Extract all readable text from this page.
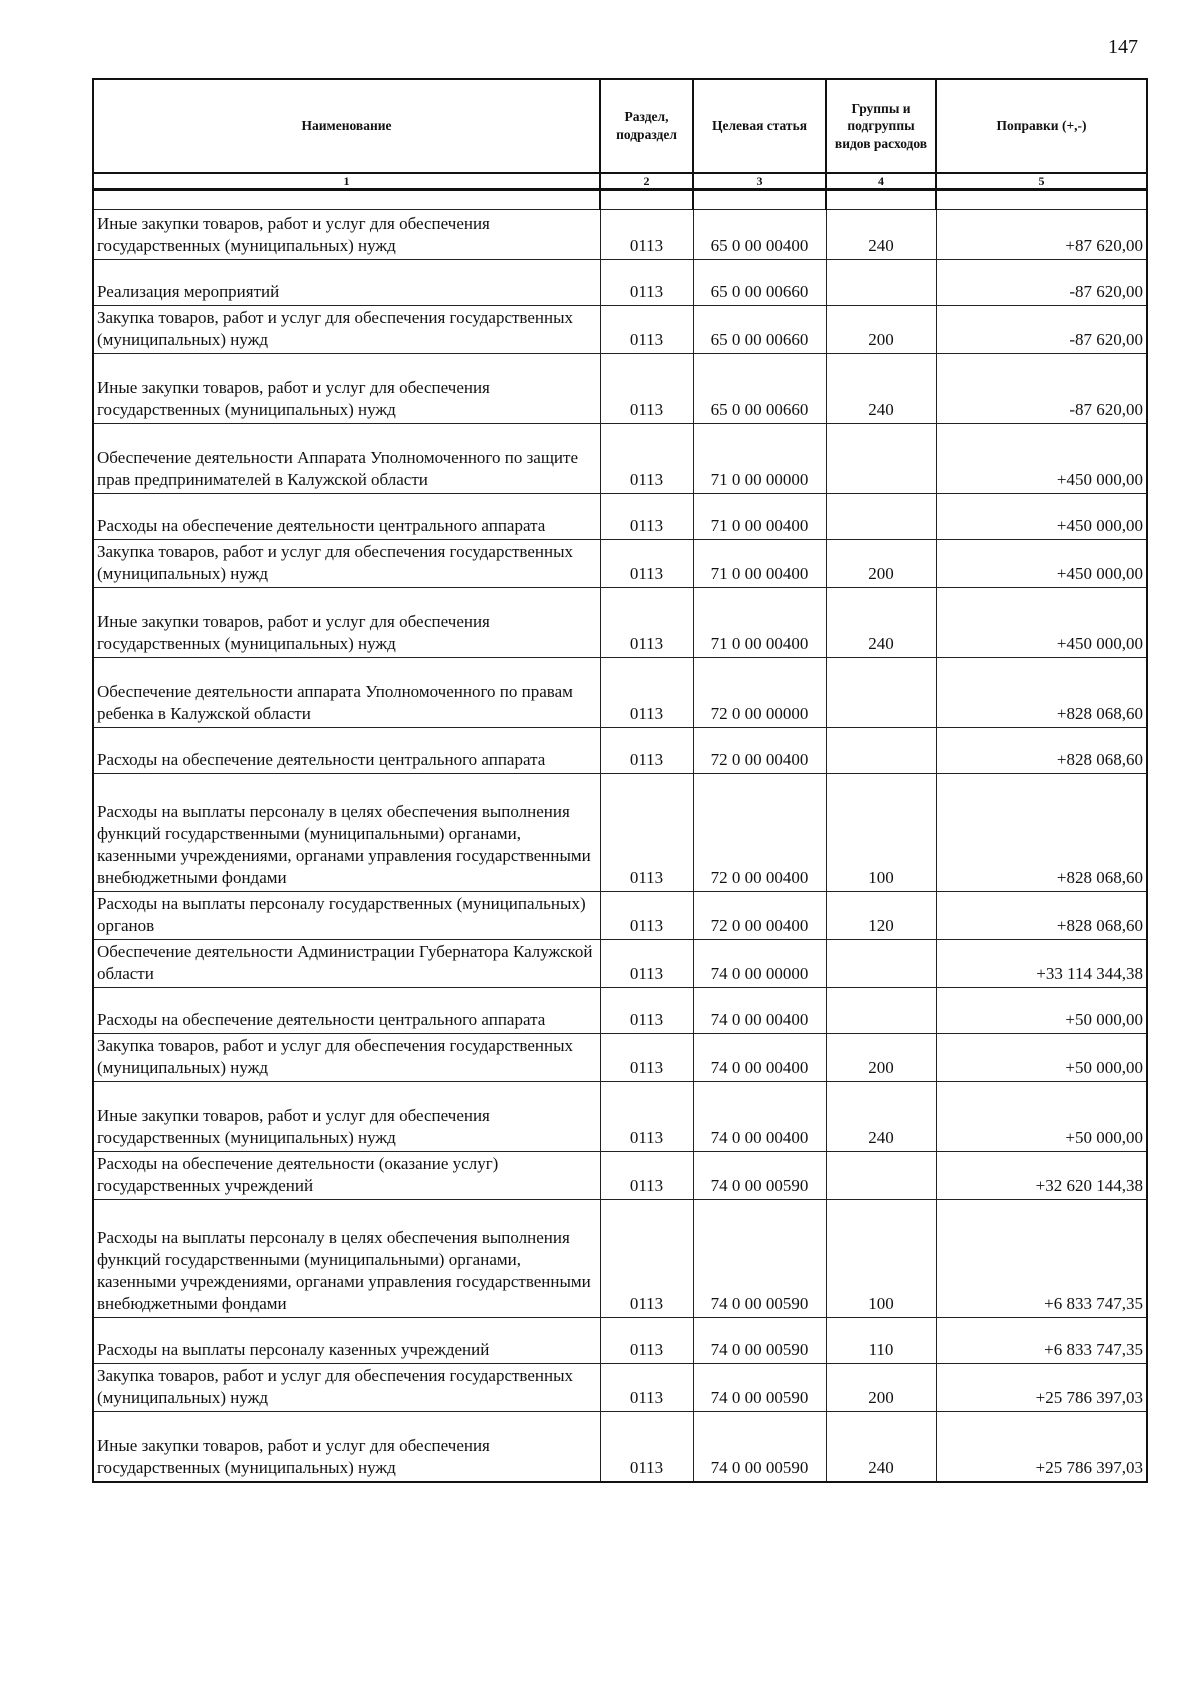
147
Наименование	Раздел, подраздел	Целевая статья	Группы и подгруппы видов расходов	Поправки (+,-)
1	2	3	4	5

Иные закупки товаров, работ и услуг для обеспечения государственных (муниципальных) нужд	0113	65 0 00 00400	240	+87 620,00
Реализация мероприятий	0113	65 0 00 00660		-87 620,00
Закупка товаров, работ и услуг для обеспечения государственных (муниципальных) нужд	0113	65 0 00 00660	200	-87 620,00
Иные закупки товаров, работ и услуг для обеспечения государственных (муниципальных) нужд	0113	65 0 00 00660	240	-87 620,00
Обеспечение деятельности Аппарата Уполномоченного по защите прав предпринимателей в Калужской области	0113	71 0 00 00000		+450 000,00
Расходы на обеспечение деятельности центрального аппарата	0113	71 0 00 00400		+450 000,00
Закупка товаров, работ и услуг для обеспечения государственных (муниципальных) нужд	0113	71 0 00 00400	200	+450 000,00
Иные закупки товаров, работ и услуг для обеспечения государственных (муниципальных) нужд	0113	71 0 00 00400	240	+450 000,00
Обеспечение деятельности аппарата Уполномоченного по правам ребенка в Калужской области	0113	72 0 00 00000		+828 068,60
Расходы на обеспечение деятельности центрального аппарата	0113	72 0 00 00400		+828 068,60
Расходы на выплаты персоналу в целях обеспечения выполнения функций государственными (муниципальными) органами, казенными учреждениями, органами управления государственными внебюджетными фондами	0113	72 0 00 00400	100	+828 068,60
Расходы на выплаты персоналу государственных (муниципальных) органов	0113	72 0 00 00400	120	+828 068,60
Обеспечение деятельности Администрации Губернатора Калужской области	0113	74 0 00 00000		+33 114 344,38
Расходы на обеспечение деятельности центрального аппарата	0113	74 0 00 00400		+50 000,00
Закупка товаров, работ и услуг для обеспечения государственных (муниципальных) нужд	0113	74 0 00 00400	200	+50 000,00
Иные закупки товаров, работ и услуг для обеспечения государственных (муниципальных) нужд	0113	74 0 00 00400	240	+50 000,00
Расходы на обеспечение деятельности (оказание услуг) государственных учреждений	0113	74 0 00 00590		+32 620 144,38
Расходы на выплаты персоналу в целях обеспечения выполнения функций государственными (муниципальными) органами, казенными учреждениями, органами управления государственными внебюджетными фондами	0113	74 0 00 00590	100	+6 833 747,35
Расходы на выплаты персоналу казенных учреждений	0113	74 0 00 00590	110	+6 833 747,35
Закупка товаров, работ и услуг для обеспечения государственных (муниципальных) нужд	0113	74 0 00 00590	200	+25 786 397,03
Иные закупки товаров, работ и услуг для обеспечения государственных (муниципальных) нужд	0113	74 0 00 00590	240	+25 786 397,03
